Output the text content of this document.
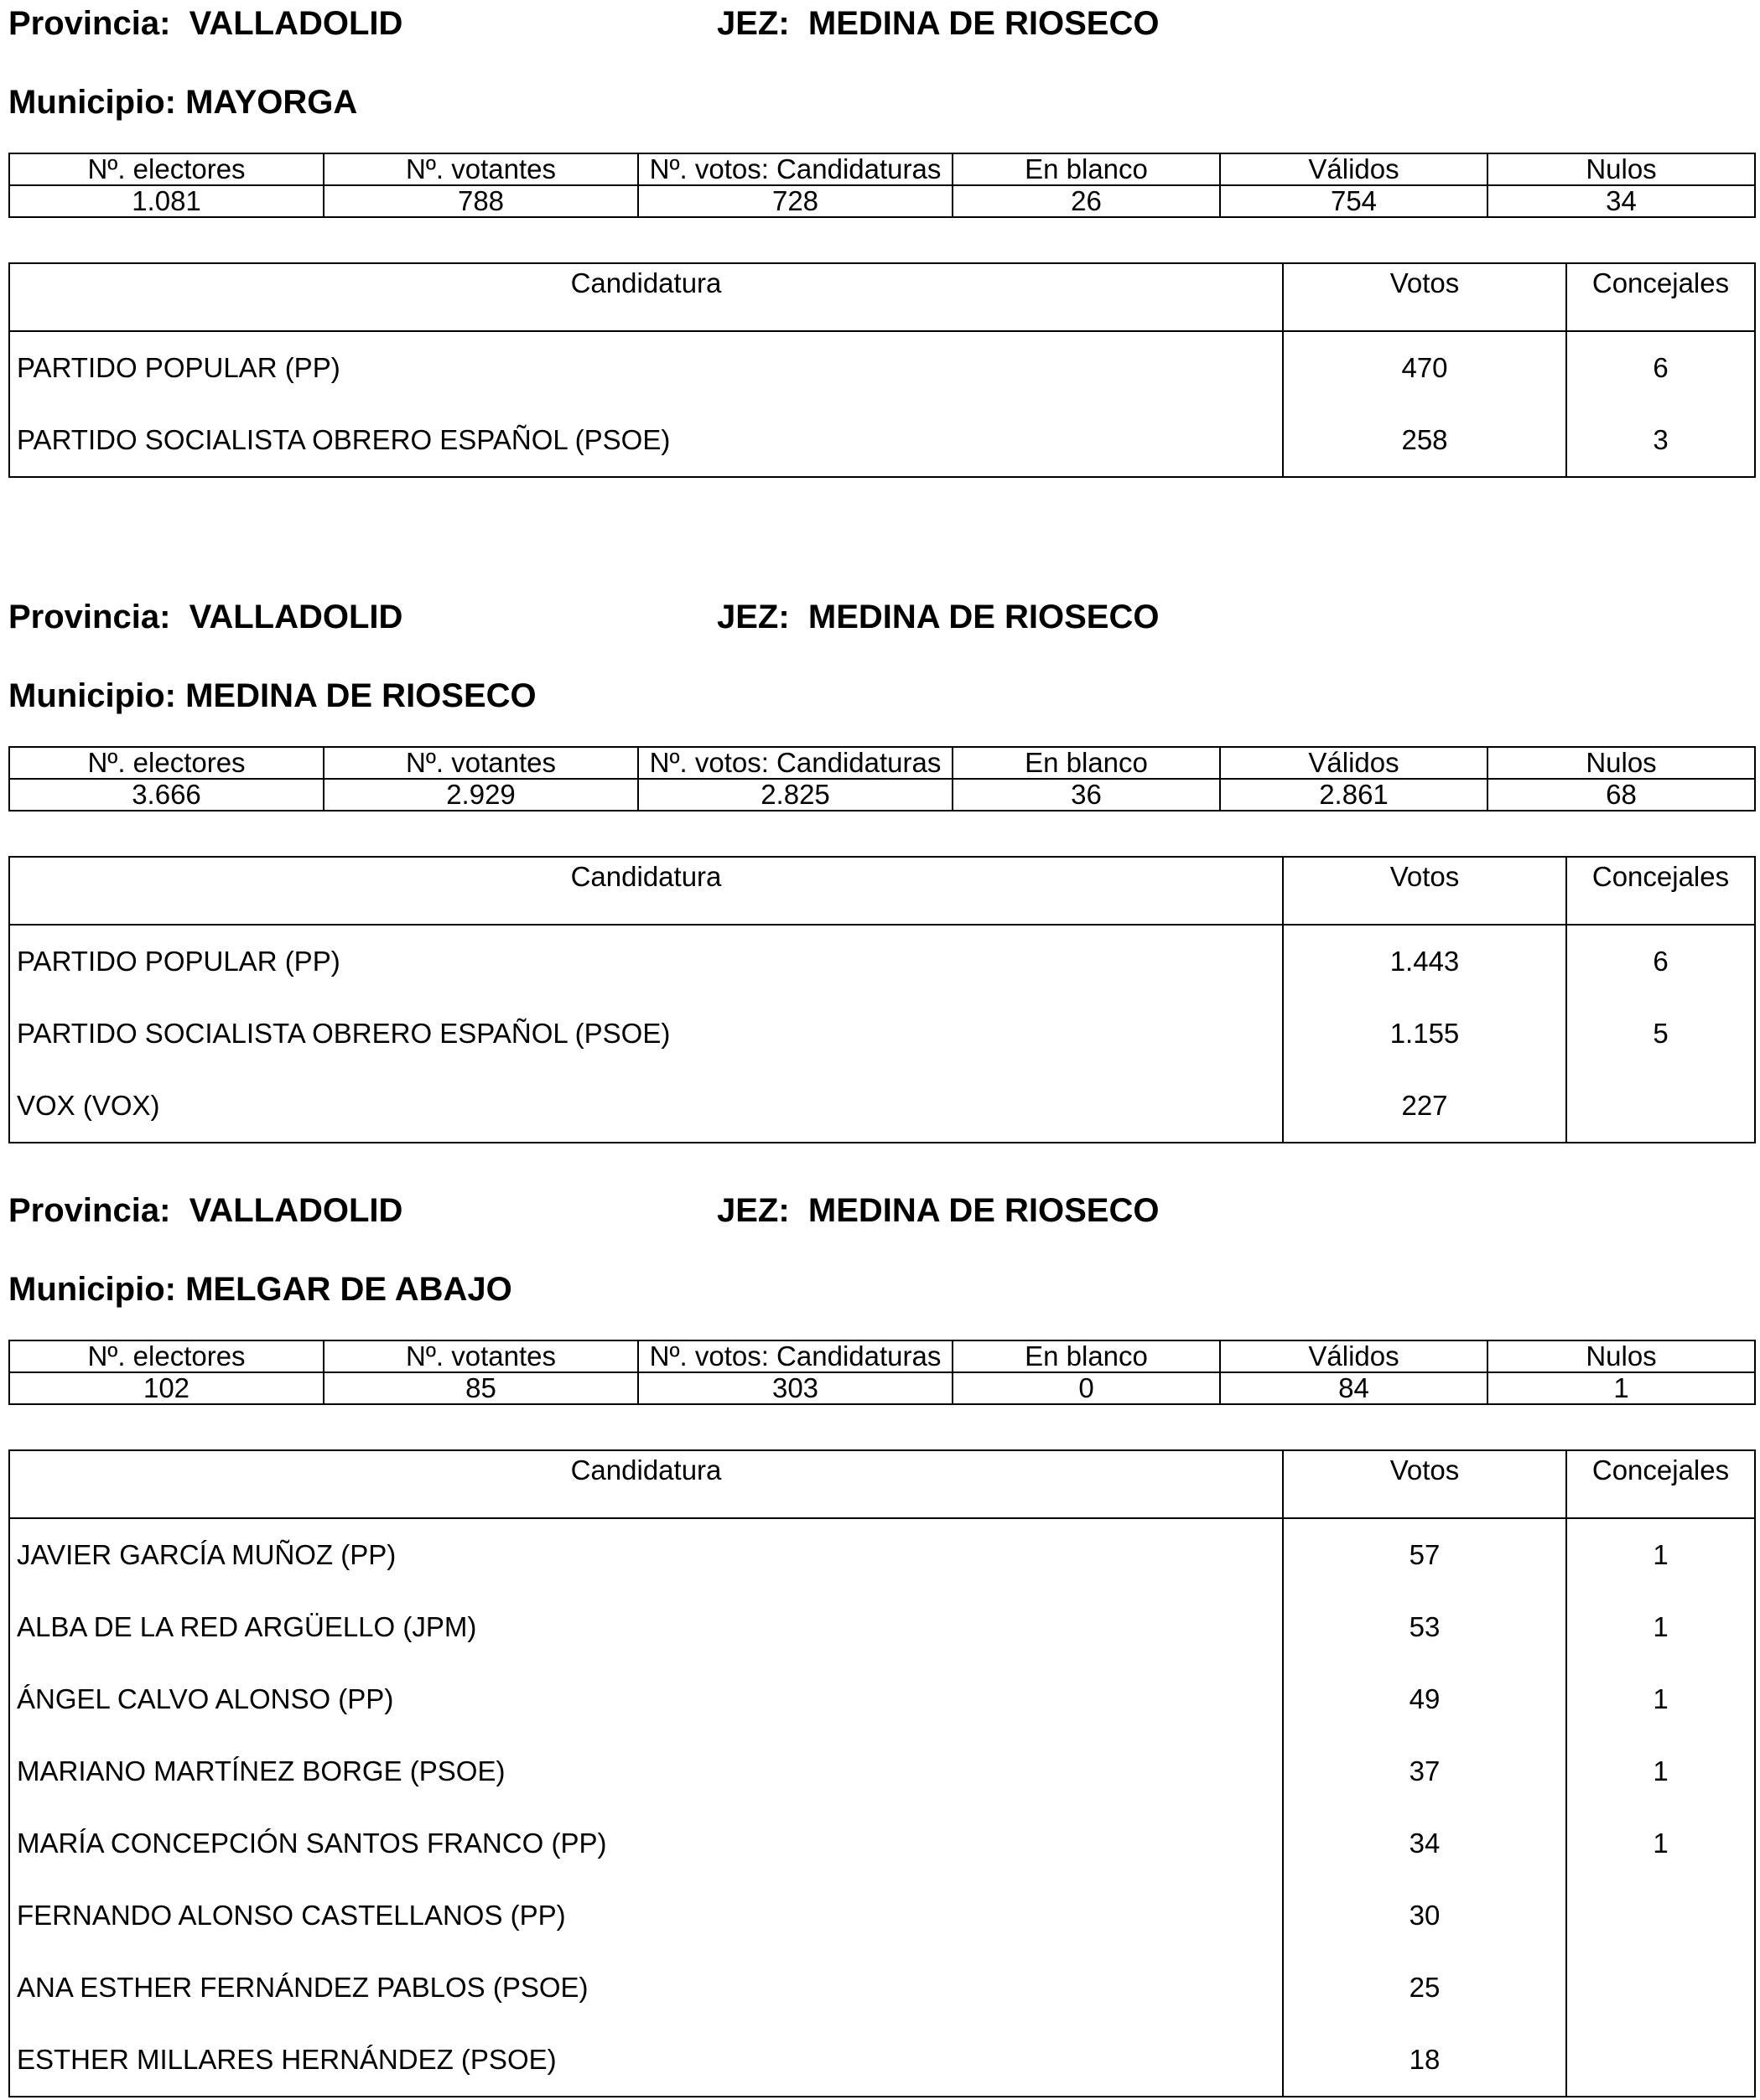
Provincia: VALLADOLID	JEZ: MEDINA DE RIOSECO
Municipio: MAYORGA
Nº. electores	Nº. votantes	Nº. votos: Candidaturas	En blanco	Válidos	Nulos
1.081	788	728	26	754	34
Candidatura	Votos	Concejales
PARTIDO POPULAR (PP)	470	6
PARTIDO SOCIALISTA OBRERO ESPAÑOL (PSOE)	258	3
Provincia: VALLADOLID	JEZ: MEDINA DE RIOSECO
Municipio: MEDINA DE RIOSECO
Nº. electores	Nº. votantes	Nº. votos: Candidaturas	En blanco	Válidos	Nulos
3.666	2.929	2.825	36	2.861	68
Candidatura	Votos	Concejales
PARTIDO POPULAR (PP)	1.443	6
PARTIDO SOCIALISTA OBRERO ESPAÑOL (PSOE)	1.155	5
VOX (VOX)	227	
Provincia: VALLADOLID	JEZ: MEDINA DE RIOSECO
Municipio: MELGAR DE ABAJO
Nº. electores	Nº. votantes	Nº. votos: Candidaturas	En blanco	Válidos	Nulos
102	85	303	0	84	1
Candidatura	Votos	Concejales
JAVIER GARCÍA MUÑOZ (PP)	57	1
ALBA DE LA RED ARGÜELLO (JPM)	53	1
ÁNGEL CALVO ALONSO (PP)	49	1
MARIANO MARTÍNEZ BORGE (PSOE)	37	1
MARÍA CONCEPCIÓN SANTOS FRANCO (PP)	34	1
FERNANDO ALONSO CASTELLANOS (PP)	30	
ANA ESTHER FERNÁNDEZ PABLOS (PSOE)	25	
ESTHER MILLARES HERNÁNDEZ (PSOE)	18	
